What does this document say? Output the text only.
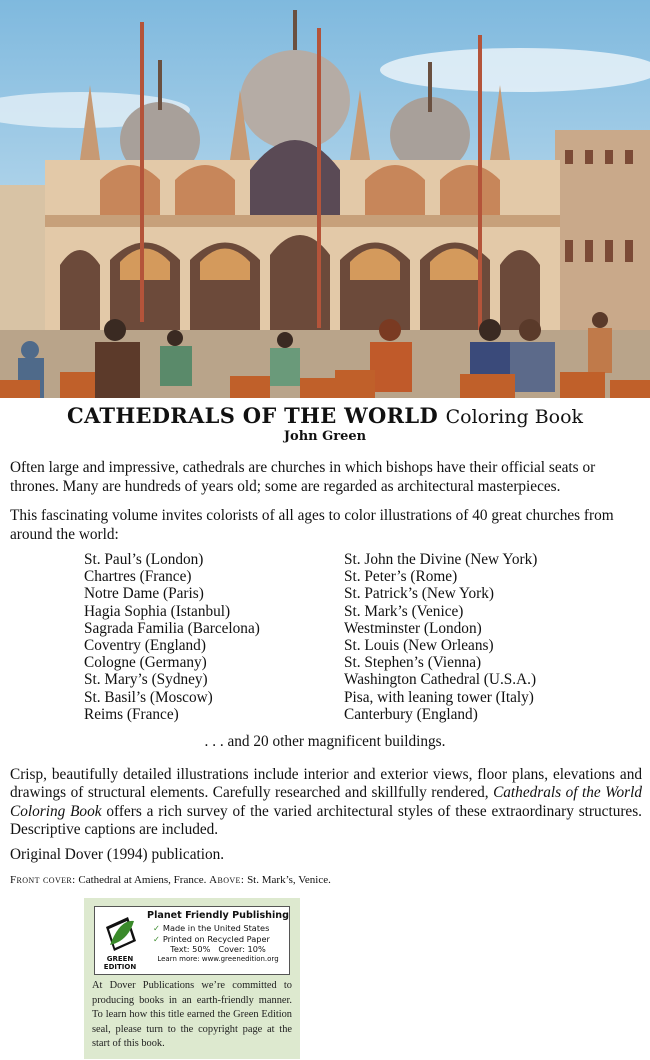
CATHEDRALS OF THE WORLD Coloring Book
John Green

Often large and impressive, cathedrals are churches in which bishops have their official seats or thrones. Many are hundreds of years old; some are regarded as architectural masterpieces.

This fascinating volume invites colorists of all ages to color illustrations of 40 great churches from around the world:

St. Paul’s (London)
Chartres (France)
Notre Dame (Paris)
Hagia Sophia (Istanbul)
Sagrada Familia (Barcelona)
Coventry (England)
Cologne (Germany)
St. Mary’s (Sydney)
St. Basil’s (Moscow)
Reims (France)
St. John the Divine (New York)
St. Peter’s (Rome)
St. Patrick’s (New York)
St. Mark’s (Venice)
Westminster (London)
St. Louis (New Orleans)
St. Stephen’s (Vienna)
Washington Cathedral (U.S.A.)
Pisa, with leaning tower (Italy)
Canterbury (England)
. . . and 20 other magnificent buildings.

Crisp, beautifully detailed illustrations include interior and exterior views, floor plans, elevations and drawings of structural elements. Carefully researched and skillfully rendered, Cathedrals of the World Coloring Book offers a rich survey of the varied architectural styles of these extraordinary structures. Descriptive captions are included.

Original Dover (1994) publication.

Front cover: Cathedral at Amiens, France. Above: St. Mark’s, Venice.
GREEN
EDITION
Planet Friendly Publishing
✓ Made in the United States
✓ Printed on Recycled Paper
Text: 50% Cover: 10%
Learn more: www.greenedition.org

At Dover Publications we’re committed to producing books in an earth-friendly manner. To learn how this title earned the Green Edition seal, please turn to the copyright page at the start of this book.
